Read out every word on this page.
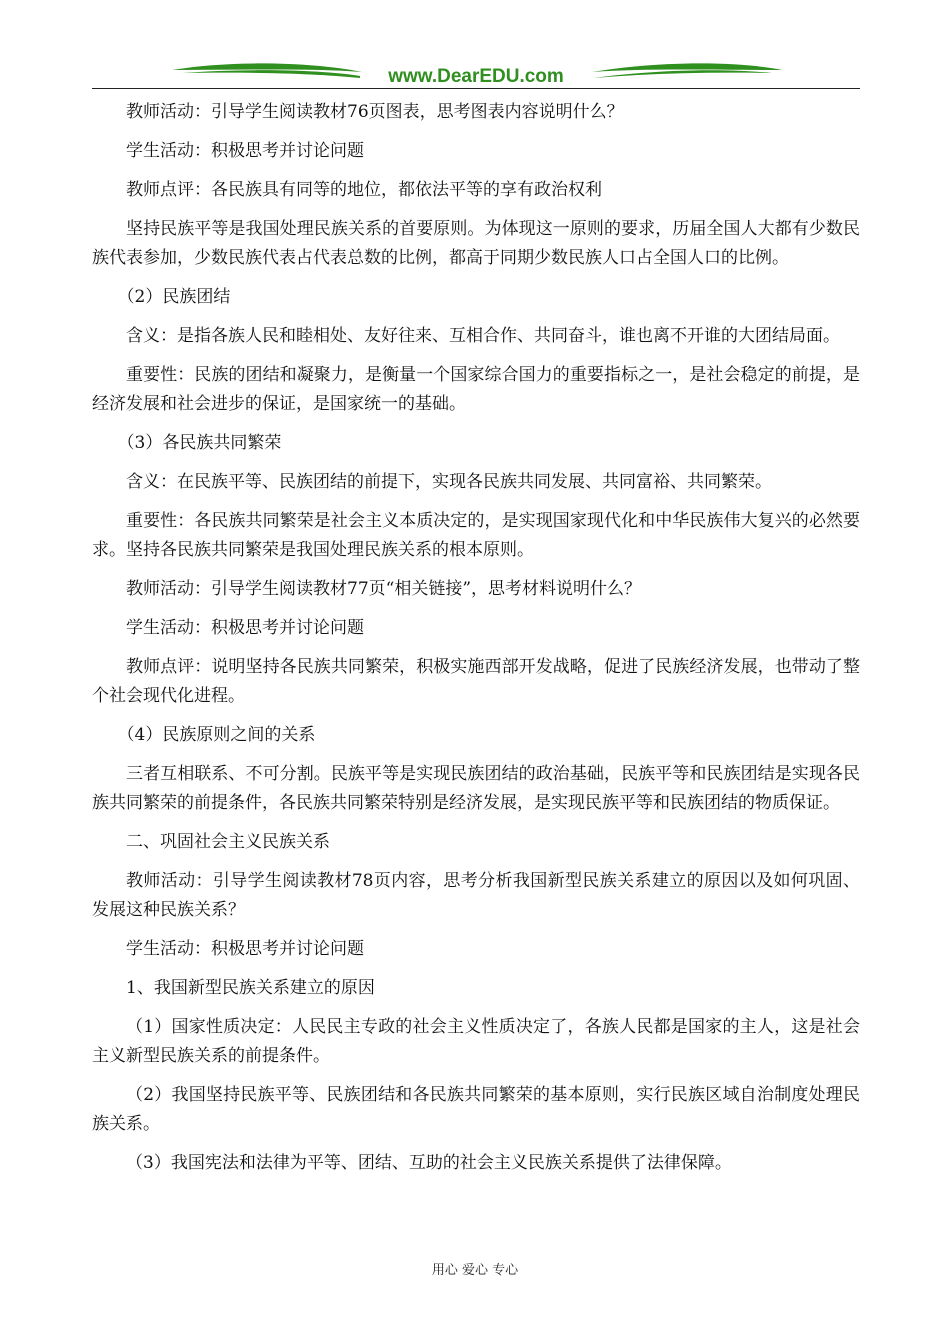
www.DearEDU.com

教师活动：引导学生阅读教材76页图表，思考图表内容说明什么？

学生活动：积极思考并讨论问题

教师点评：各民族具有同等的地位，都依法平等的享有政治权利

坚持民族平等是我国处理民族关系的首要原则。为体现这一原则的要求，历届全国人大都有少数民族代表参加，少数民族代表占代表总数的比例，都高于同期少数民族人口占全国人口的比例。

（2）民族团结

含义：是指各族人民和睦相处、友好往来、互相合作、共同奋斗，谁也离不开谁的大团结局面。

重要性：民族的团结和凝聚力，是衡量一个国家综合国力的重要指标之一，是社会稳定的前提，是经济发展和社会进步的保证，是国家统一的基础。

（3）各民族共同繁荣

含义：在民族平等、民族团结的前提下，实现各民族共同发展、共同富裕、共同繁荣。

重要性：各民族共同繁荣是社会主义本质决定的，是实现国家现代化和中华民族伟大复兴的必然要求。坚持各民族共同繁荣是我国处理民族关系的根本原则。

教师活动：引导学生阅读教材77页“相关链接”，思考材料说明什么？

学生活动：积极思考并讨论问题

教师点评：说明坚持各民族共同繁荣，积极实施西部开发战略，促进了民族经济发展，也带动了整个社会现代化进程。

（4）民族原则之间的关系

三者互相联系、不可分割。民族平等是实现民族团结的政治基础，民族平等和民族团结是实现各民族共同繁荣的前提条件，各民族共同繁荣特别是经济发展，是实现民族平等和民族团结的物质保证。

二、巩固社会主义民族关系

教师活动：引导学生阅读教材78页内容，思考分析我国新型民族关系建立的原因以及如何巩固、发展这种民族关系？

学生活动：积极思考并讨论问题

1、我国新型民族关系建立的原因

（1）国家性质决定：人民民主专政的社会主义性质决定了，各族人民都是国家的主人，这是社会主义新型民族关系的前提条件。

（2）我国坚持民族平等、民族团结和各民族共同繁荣的基本原则，实行民族区域自治制度处理民族关系。

（3）我国宪法和法律为平等、团结、互助的社会主义民族关系提供了法律保障。

用心 爱心 专心
